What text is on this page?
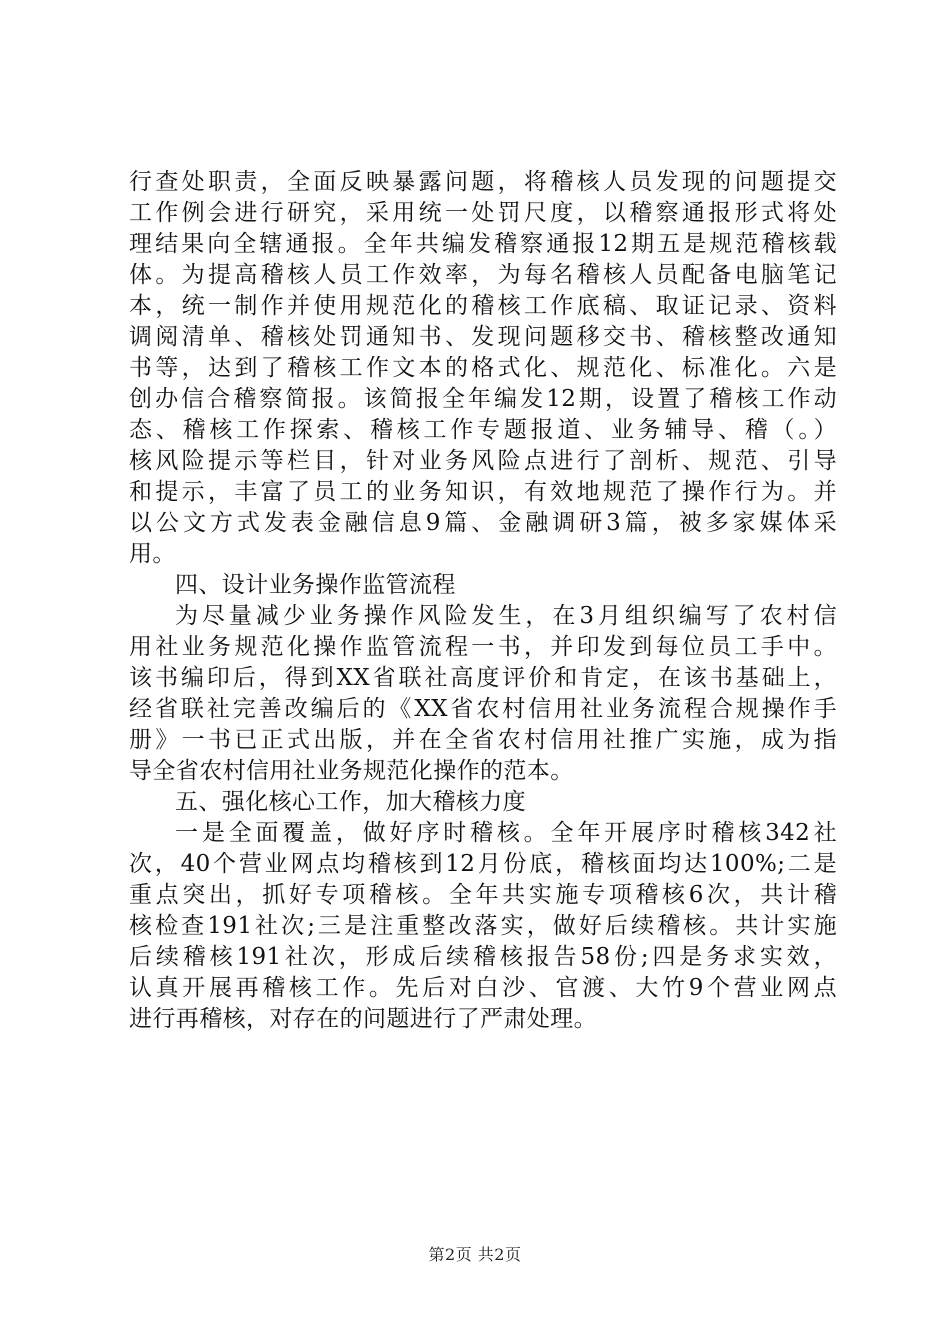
行查处职责，全面反映暴露问题，将稽核人员发现的问题提交
工作例会进行研究，采用统一处罚尺度，以稽察通报形式将处
理结果向全辖通报。全年共编发稽察通报12期五是规范稽核载
体。为提高稽核人员工作效率，为每名稽核人员配备电脑笔记
本，统一制作并使用规范化的稽核工作底稿、取证记录、资料
调阅清单、稽核处罚通知书、发现问题移交书、稽核整改通知
书等，达到了稽核工作文本的格式化、规范化、标准化。六是
创办信合稽察简报。该简报全年编发12期，设置了稽核工作动
态、稽核工作探索、稽核工作专题报道、业务辅导、稽（。）
核风险提示等栏目，针对业务风险点进行了剖析、规范、引导
和提示，丰富了员工的业务知识，有效地规范了操作行为。并
以公文方式发表金融信息9篇、金融调研3篇，被多家媒体采
用。

四、设计业务操作监管流程

为尽量减少业务操作风险发生，在3月组织编写了农村信
用社业务规范化操作监管流程一书，并印发到每位员工手中。
该书编印后，得到XX省联社高度评价和肯定，在该书基础上，
经省联社完善改编后的《XX省农村信用社业务流程合规操作手
册》一书已正式出版，并在全省农村信用社推广实施，成为指
导全省农村信用社业务规范化操作的范本。

五、强化核心工作，加大稽核力度

一是全面覆盖，做好序时稽核。全年开展序时稽核342社
次，40个营业网点均稽核到12月份底，稽核面均达100%;二是
重点突出，抓好专项稽核。全年共实施专项稽核6次，共计稽
核检查191社次;三是注重整改落实，做好后续稽核。共计实施
后续稽核191社次，形成后续稽核报告58份;四是务求实效，
认真开展再稽核工作。先后对白沙、官渡、大竹9个营业网点
进行再稽核，对存在的问题进行了严肃处理。
第2页 共2页
